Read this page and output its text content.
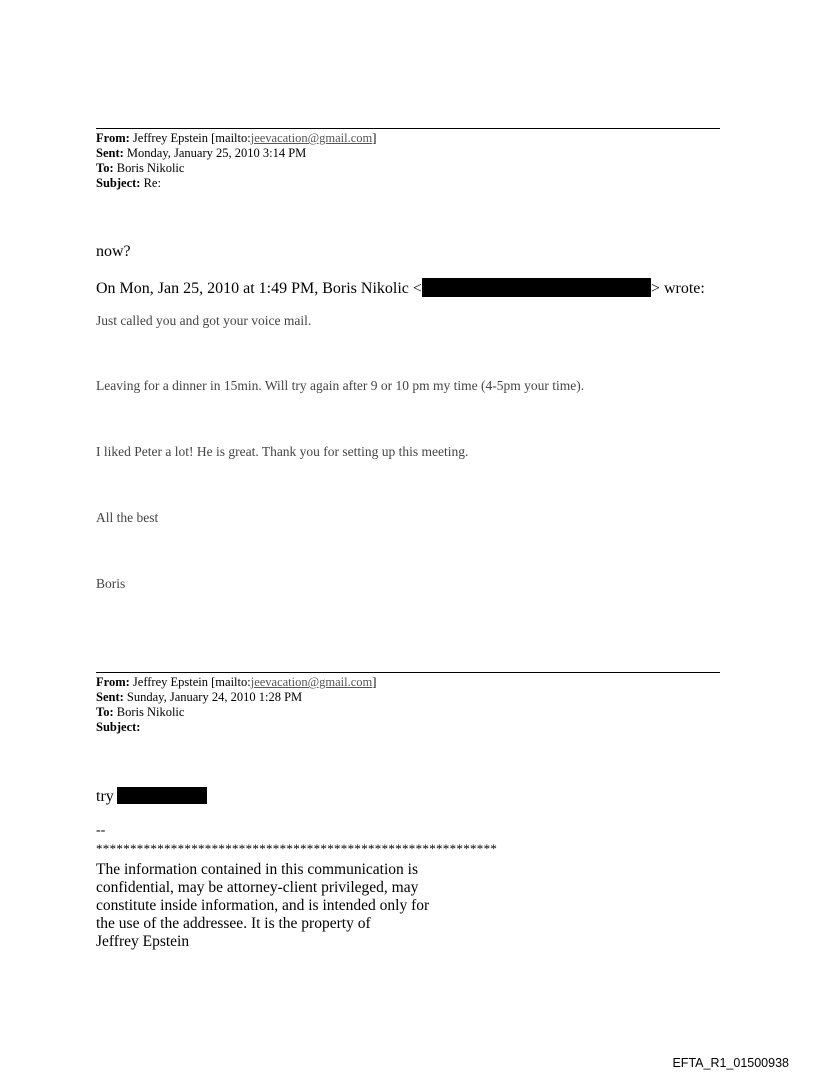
From: Jeffrey Epstein [mailto:jeevacation@gmail.com]
Sent: Monday, January 25, 2010 3:14 PM
To: Boris Nikolic
Subject: Re:
now?
On Mon, Jan 25, 2010 at 1:49 PM, Boris Nikolic <	> wrote:
Just called you and got your voice mail.
Leaving for a dinner in 15min. Will try again after 9 or 10 pm my time (4-5pm your time).
I liked Peter a lot! He is great. Thank you for setting up this meeting.
All the best
Boris
From: Jeffrey Epstein [mailto:jeevacation@gmail.com]
Sent: Sunday, January 24, 2010 1:28 PM
To: Boris Nikolic
Subject:
try
--
***********************************************************
The information contained in this communication is
confidential, may be attorney-client privileged, may
constitute inside information, and is intended only for
the use of the addressee. It is the property of
Jeffrey Epstein
EFTA_R1_01500938
